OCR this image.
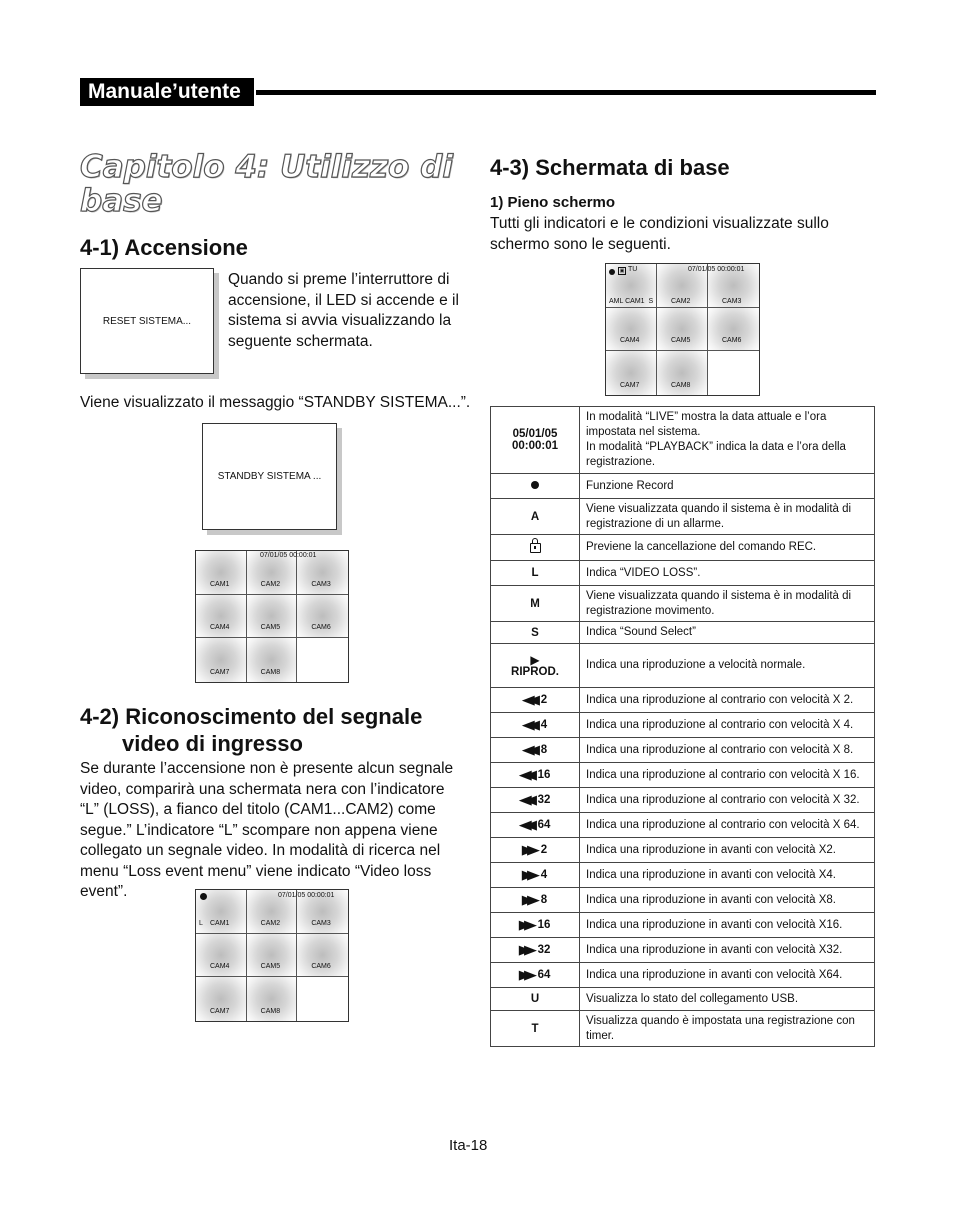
Manuale’utente
Capitolo 4: Utilizzo di base
4-1) Accensione
RESET SISTEMA...
Quando si preme l’interruttore di accensione, il LED si accende e il sistema si avvia visualizzando la seguente schermata.
Viene visualizzato il messaggio “STANDBY SISTEMA...”.
STANDBY SISTEMA ...
CAM1	CAM2	CAM3
CAM4	CAM5	CAM6
CAM7	CAM8
07/01/05 00:00:01
4-2) Riconoscimento del segnale
video di ingresso
Se durante l’accensione non è presente alcun segnale video, comparirà una schermata nera con l’indicatore “L” (LOSS), a fianco del titolo (CAM1...CAM2) come segue.” L’indicatore “L” scompare non appena viene collegato un segnale video. In modalità di ricerca nel menu “Loss event menu” viene indicato “Video loss event”.
CAM1
L	CAM2	CAM3
CAM4	CAM5	CAM6
CAM7	CAM8
07/01/05 00:00:01
4-3) Schermata di base
1) Pieno schermo
Tutti gli indicatori e le condizioni visualizzate sullo schermo sono le seguenti.
AML CAM1 S	CAM2	CAM3
CAM4	CAM5	CAM6
CAM7	CAM8
▣ TU	07/01/05 00:00:01
05/01/05
00:00:01	In modalità “LIVE” mostra la data attuale e l’ora impostata nel sistema.
In modalità “PLAYBACK” indica la data e l’ora della registrazione.
	Funzione Record
A	Viene visualizzata quando il sistema è in modalità di registrazione di un allarme.
	Previene la cancellazione del comando REC.
L	Indica “VIDEO LOSS”.
M	Viene visualizzata quando il sistema è in modalità di registrazione movimento.
S	Indica “Sound Select”

▶
RIPROD.	Indica una riproduzione a velocità normale.
◀◀ 2	Indica una riproduzione al contrario con velocità X 2.
◀◀ 4	Indica una riproduzione al contrario con velocità X 4.
◀◀ 8	Indica una riproduzione al contrario con velocità X 8.
◀◀ 16	Indica una riproduzione al contrario con velocità X 16.
◀◀ 32	Indica una riproduzione al contrario con velocità X 32.
◀◀ 64	Indica una riproduzione al contrario con velocità X 64.
▶▶ 2	Indica una riproduzione in avanti con velocità X2.
▶▶ 4	Indica una riproduzione in avanti con velocità X4.
▶▶ 8	Indica una riproduzione in avanti con velocità X8.
▶▶ 16	Indica una riproduzione in avanti con velocità X16.
▶▶ 32	Indica una riproduzione in avanti con velocità X32.
▶▶ 64	Indica una riproduzione in avanti con velocità X64.
U	Visualizza lo stato del collegamento USB.
T	Visualizza quando è impostata una registrazione con timer.
Ita-18
